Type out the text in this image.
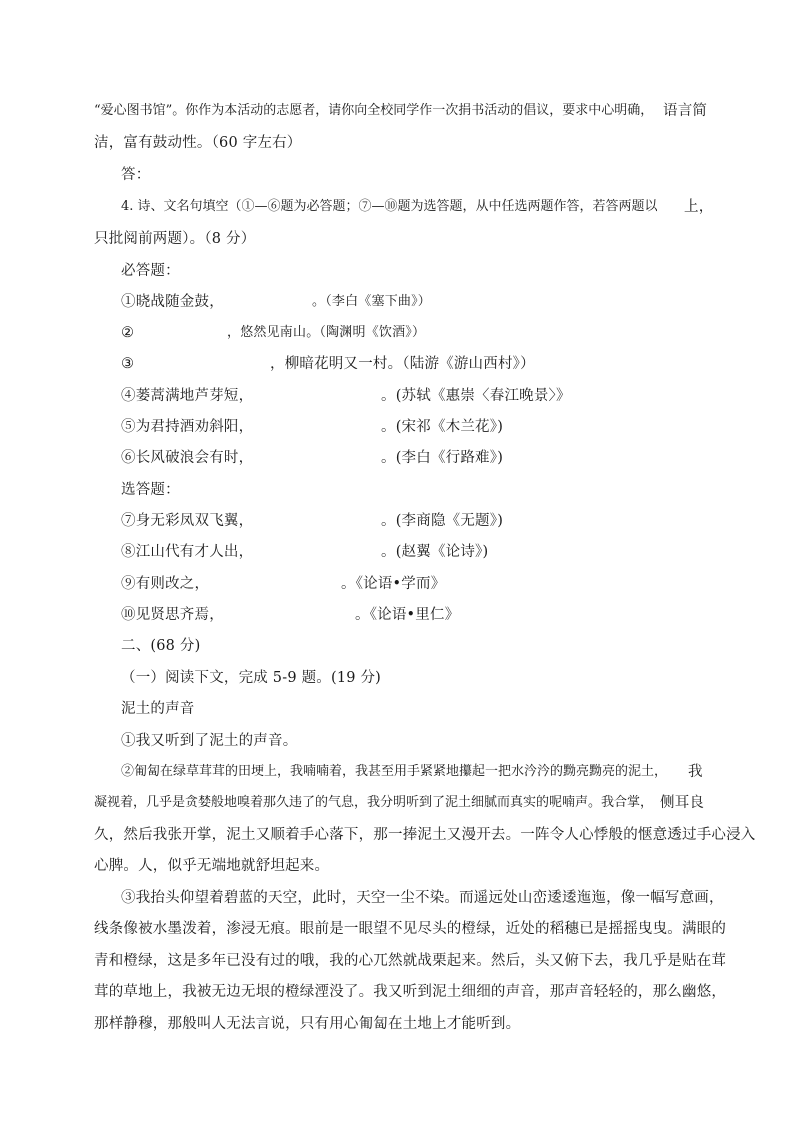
“爱心图书馆”。你作为本活动的志愿者，请你向全校同学作一次捐书活动的倡议，要求中心明确， 语言简
洁，富有鼓动性。（60 字左右）
答：
4. 诗、文名句填空（①—⑥题为必答题；⑦—⑩题为选答题，从中任选两题作答，若答两题以 上，
只批阅前两题）。（8 分）
必答题：
①晓战随金鼓，	。（李白《塞下曲》）
②	，悠然见南山。（陶渊明《饮酒》）
③	，柳暗花明又一村。（陆游《游山西村》）
④蒌蒿满地芦芽短，	。(苏轼《惠崇〈春江晚景〉》
⑤为君持酒劝斜阳，	。(宋祁《木兰花》)
⑥长风破浪会有时，	。(李白《行路难》)
选答题：
⑦身无彩凤双飞翼，	。(李商隐《无题》)
⑧江山代有才人出，	。(赵翼《论诗》)
⑨有则改之，	。《论语•学而》
⑩见贤思齐焉，	。《论语•里仁》
二、(68 分)
（一）阅读下文，完成 5-9 题。(19 分)
泥土的声音
①我又听到了泥土的声音。
②匍匐在绿草茸茸的田埂上，我喃喃着，我甚至用手紧紧地攥起一把水汵汵的黝亮黝亮的泥土， 我
凝视着，几乎是贪婪般地嗅着那久违了的气息，我分明听到了泥土细腻而真实的呢喃声。我合掌， 侧耳良
久，然后我张开掌，泥土又顺着手心落下，那一捧泥土又漫开去。一阵令人心悸般的惬意透过手心浸入
心脾。人，似乎无端地就舒坦起来。
③我抬头仰望着碧蓝的天空，此时，天空一尘不染。而遥远处山峦逶逶迤迤，像一幅写意画，
线条像被水墨泼着，渗浸无痕。眼前是一眼望不见尽头的橙绿，近处的稻穗已是摇摇曳曳。满眼的
青和橙绿，这是多年已没有过的哦，我的心兀然就战栗起来。然后，头又俯下去，我几乎是贴在茸
茸的草地上，我被无边无垠的橙绿湮没了。我又听到泥土细细的声音，那声音轻轻的，那么幽悠，
那样静穆，那般叫人无法言说，只有用心匍匐在土地上才能听到。
